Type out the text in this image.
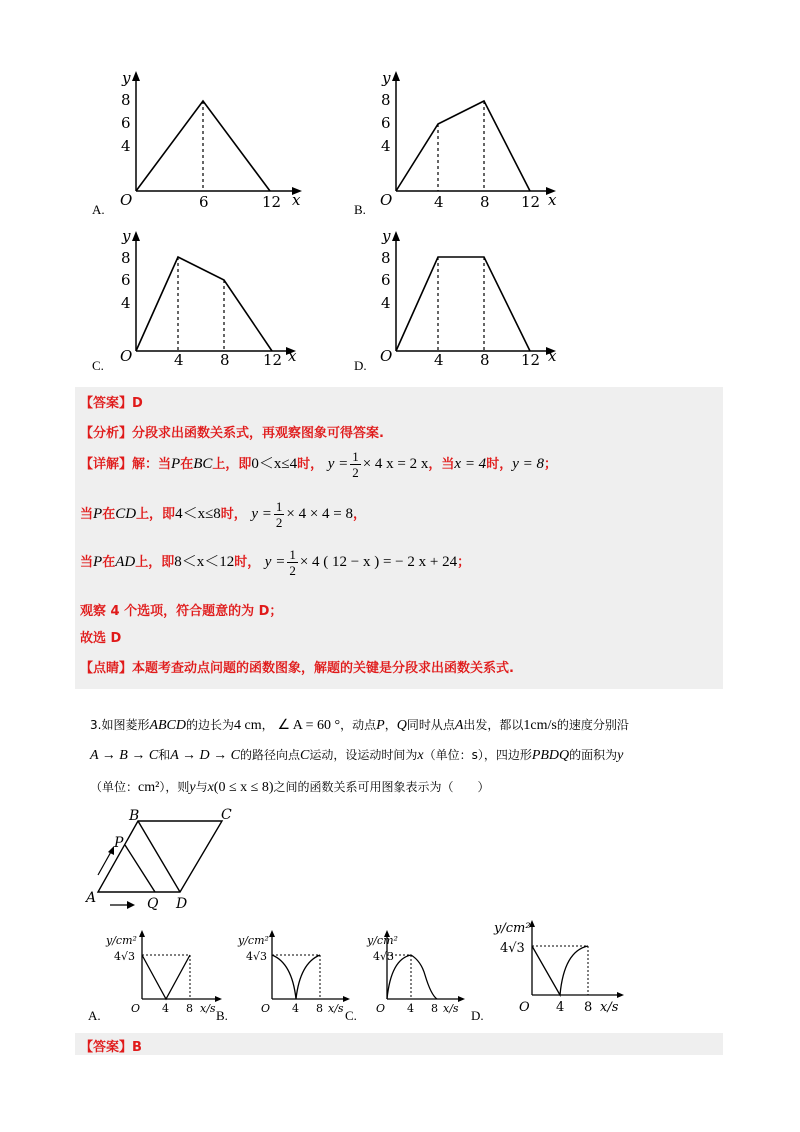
8
6
4
y
x
O	6	12
A.
8
6
4
y
x
O	4 8 12
B.
8
6
4
y
x
O	4 8 12
C.
8
6
4
y
x
O	4 8 12
D.
【答案】D
【分析】分段求出函数关系式，再观察图象可得答案.
【详解】解：当P在BC上，即0＜x≤4时， $y = \frac{1}{2} \times 4$ x = 2 x，当x = 4时，y = 8；
当P在CD上，即4＜x≤8时， $y = \frac{1}{2} \times 4 \times 4 = 8$，
当P在AD上，即8＜x＜12时， $y = \frac{1}{2} \times 4$ ( 12 − x ) = − 2 x + 24；
观察 4 个选项，符合题意的为 D；
故选 D
【点睛】本题考查动点问题的函数图象，解题的关键是分段求出函数关系式.
3.如图菱形ABCD的边长为4 cm， ∠ A = 60 °，动点P，Q同时从点A出发，都以1cm/s的速度分别沿
A → B → C和A → D → C的路径向点C运动，设运动时间为x（单位：s），四边形PBDQ的面积为y
（单位：cm²），则y与x(0 ≤ x ≤ 8)之间的函数关系可用图象表示为（　　）
B	C
P
A	Q D
y/cm²
4√3
O 4 8 x/s
A.
y/cm²
4√3
O 4 8 x/s
B.
y/cm²
4√3
O 4 8 x/s
C.
y/cm²
4√3
O 4 8 x/s
D.
【答案】B
